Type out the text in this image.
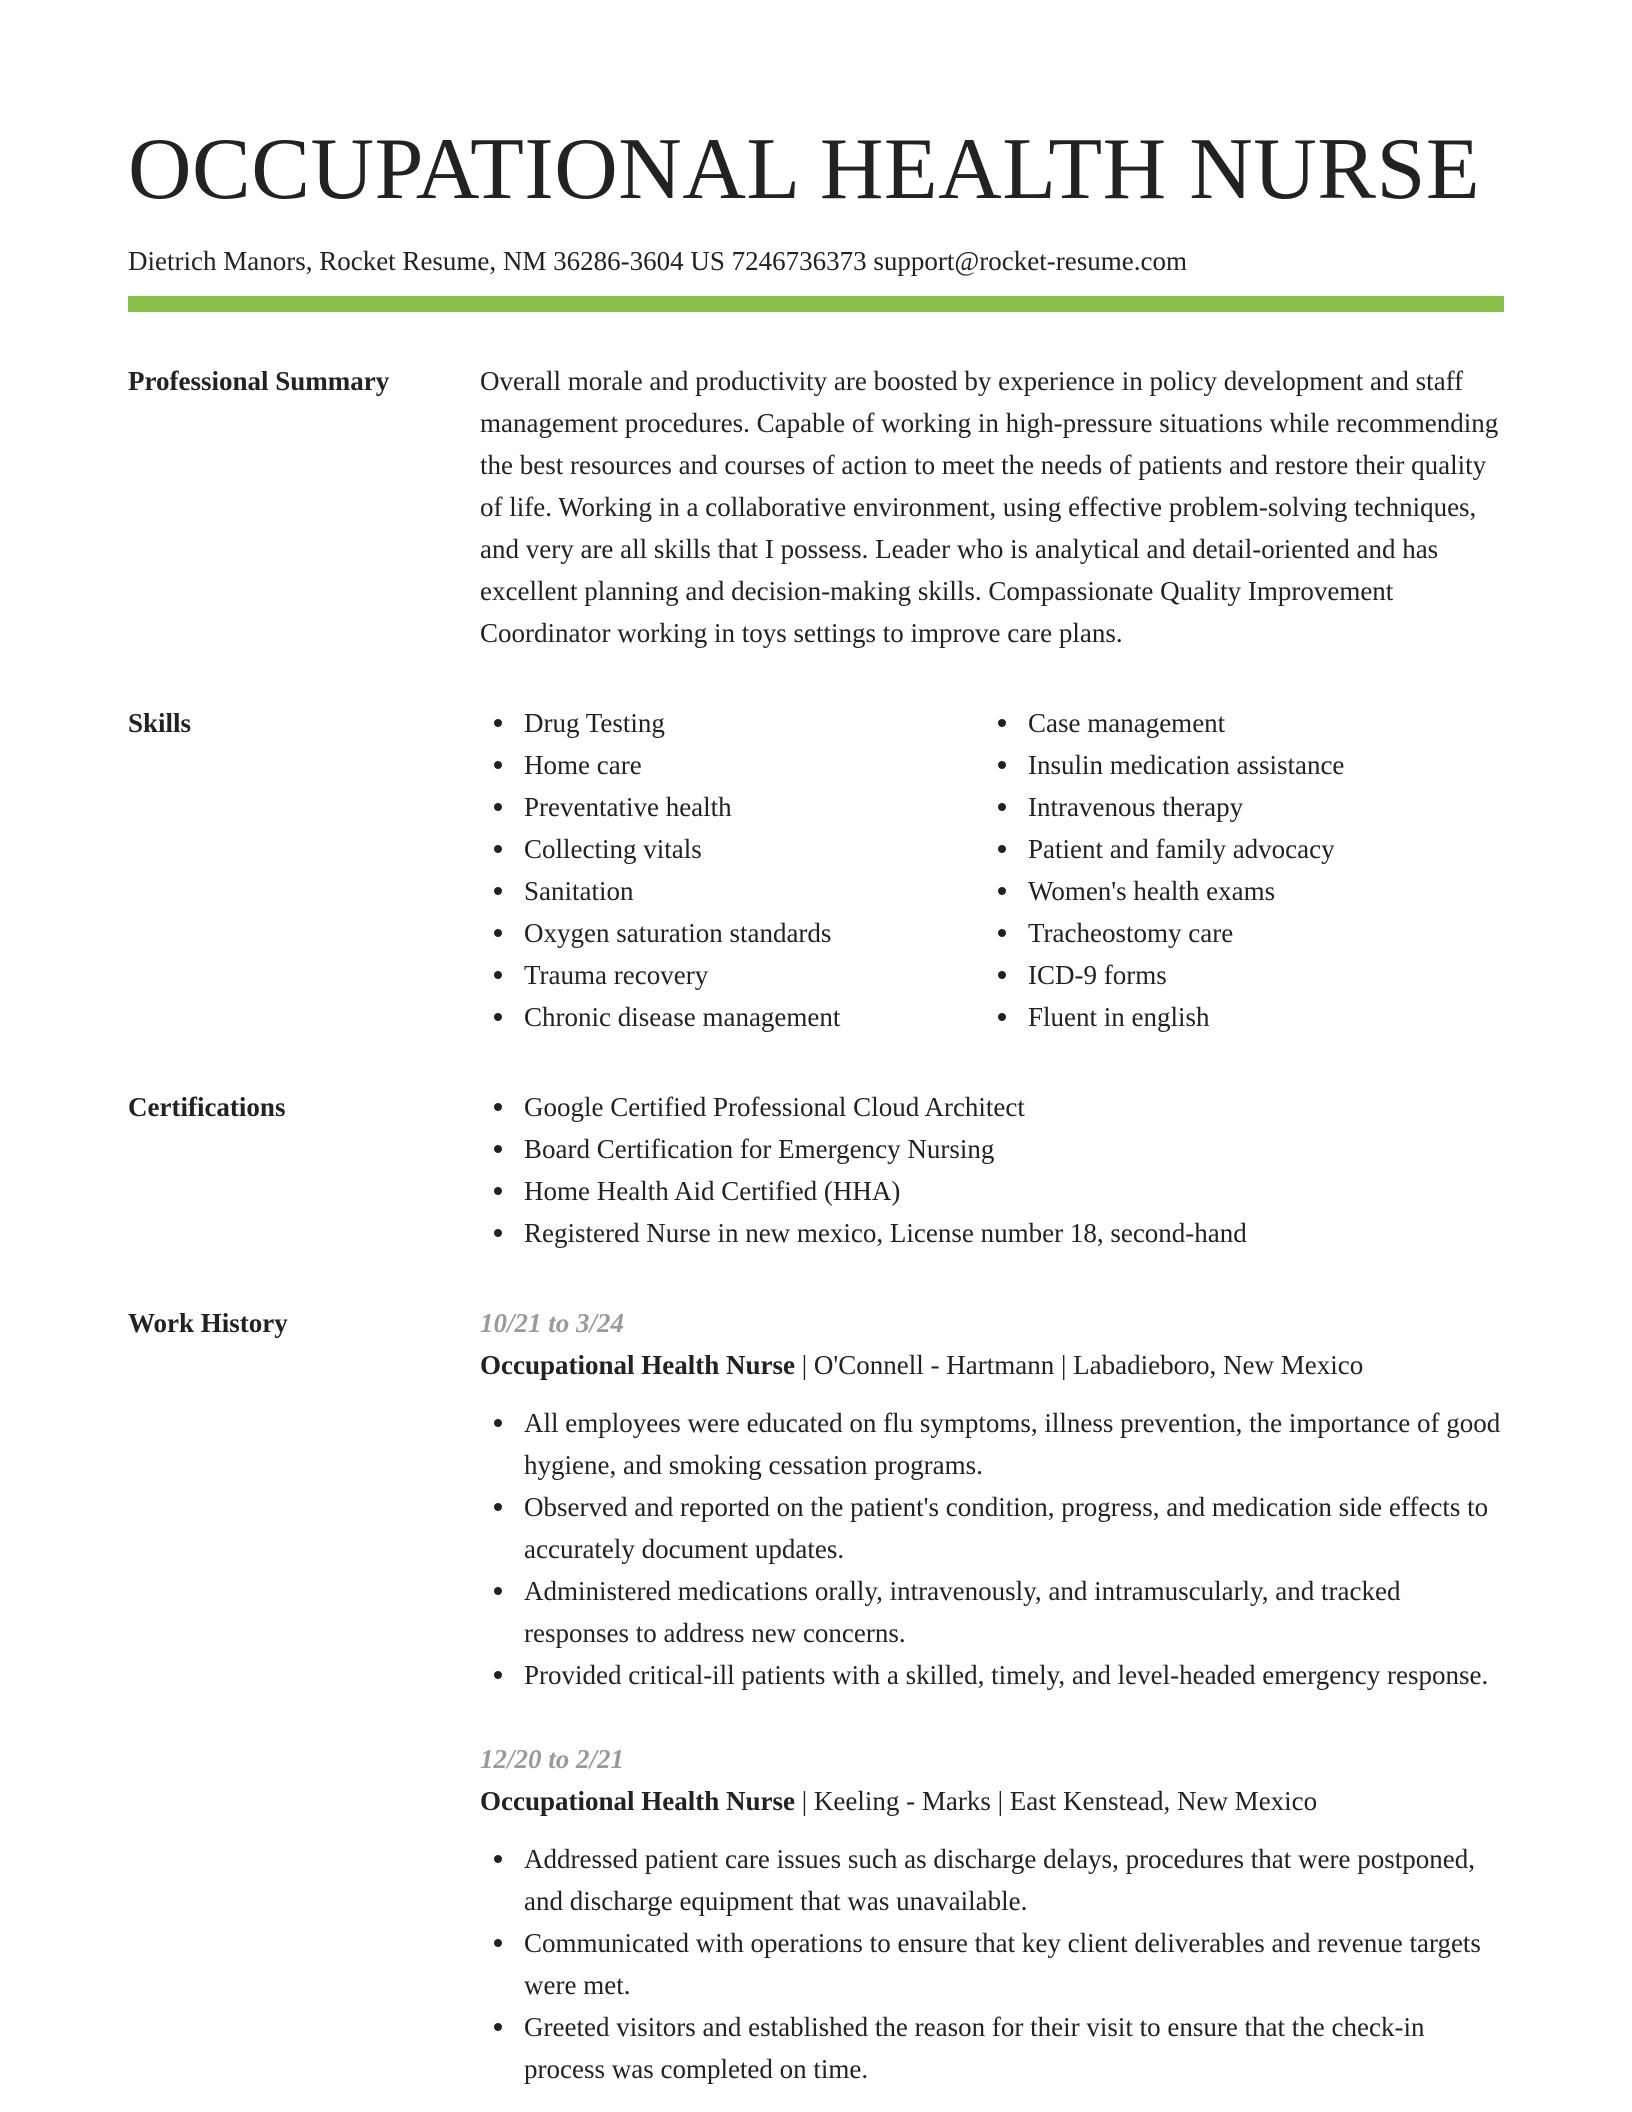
OCCUPATIONAL HEALTH NURSE
Dietrich Manors, Rocket Resume, NM 36286-3604 US 7246736373 support@rocket-resume.com
Professional Summary	Overall morale and productivity are boosted by experience in policy development and staff management procedures. Capable of working in high-pressure situations while recommending the best resources and courses of action to meet the needs of patients and restore their quality of life. Working in a collaborative environment, using effective problem-solving techniques, and very are all skills that I possess. Leader who is analytical and detail-oriented and has excellent planning and decision-making skills. Compassionate Quality Improvement Coordinator working in toys settings to improve care plans.

Skills	Drug Testing
Home care
Preventative health
Collecting vitals
Sanitation
Oxygen saturation standards
Trauma recovery
Chronic disease management
Case management
Insulin medication assistance
Intravenous therapy
Patient and family advocacy
Women's health exams
Tracheostomy care
ICD-9 forms
Fluent in english
Certifications	Google Certified Professional Cloud Architect
Board Certification for Emergency Nursing
Home Health Aid Certified (HHA)
Registered Nurse in new mexico, License number 18, second-hand
Work History	10/21 to 3/24
Occupational Health Nurse | O'Connell - Hartmann | Labadieboro, New Mexico
All employees were educated on flu symptoms, illness prevention, the importance of good hygiene, and smoking cessation programs.
Observed and reported on the patient's condition, progress, and medication side effects to accurately document updates.
Administered medications orally, intravenously, and intramuscularly, and tracked responses to address new concerns.
Provided critical-ill patients with a skilled, timely, and level-headed emergency response.
12/20 to 2/21
Occupational Health Nurse | Keeling - Marks | East Kenstead, New Mexico
Addressed patient care issues such as discharge delays, procedures that were postponed, and discharge equipment that was unavailable.
Communicated with operations to ensure that key client deliverables and revenue targets were met.
Greeted visitors and established the reason for their visit to ensure that the check-in process was completed on time.
